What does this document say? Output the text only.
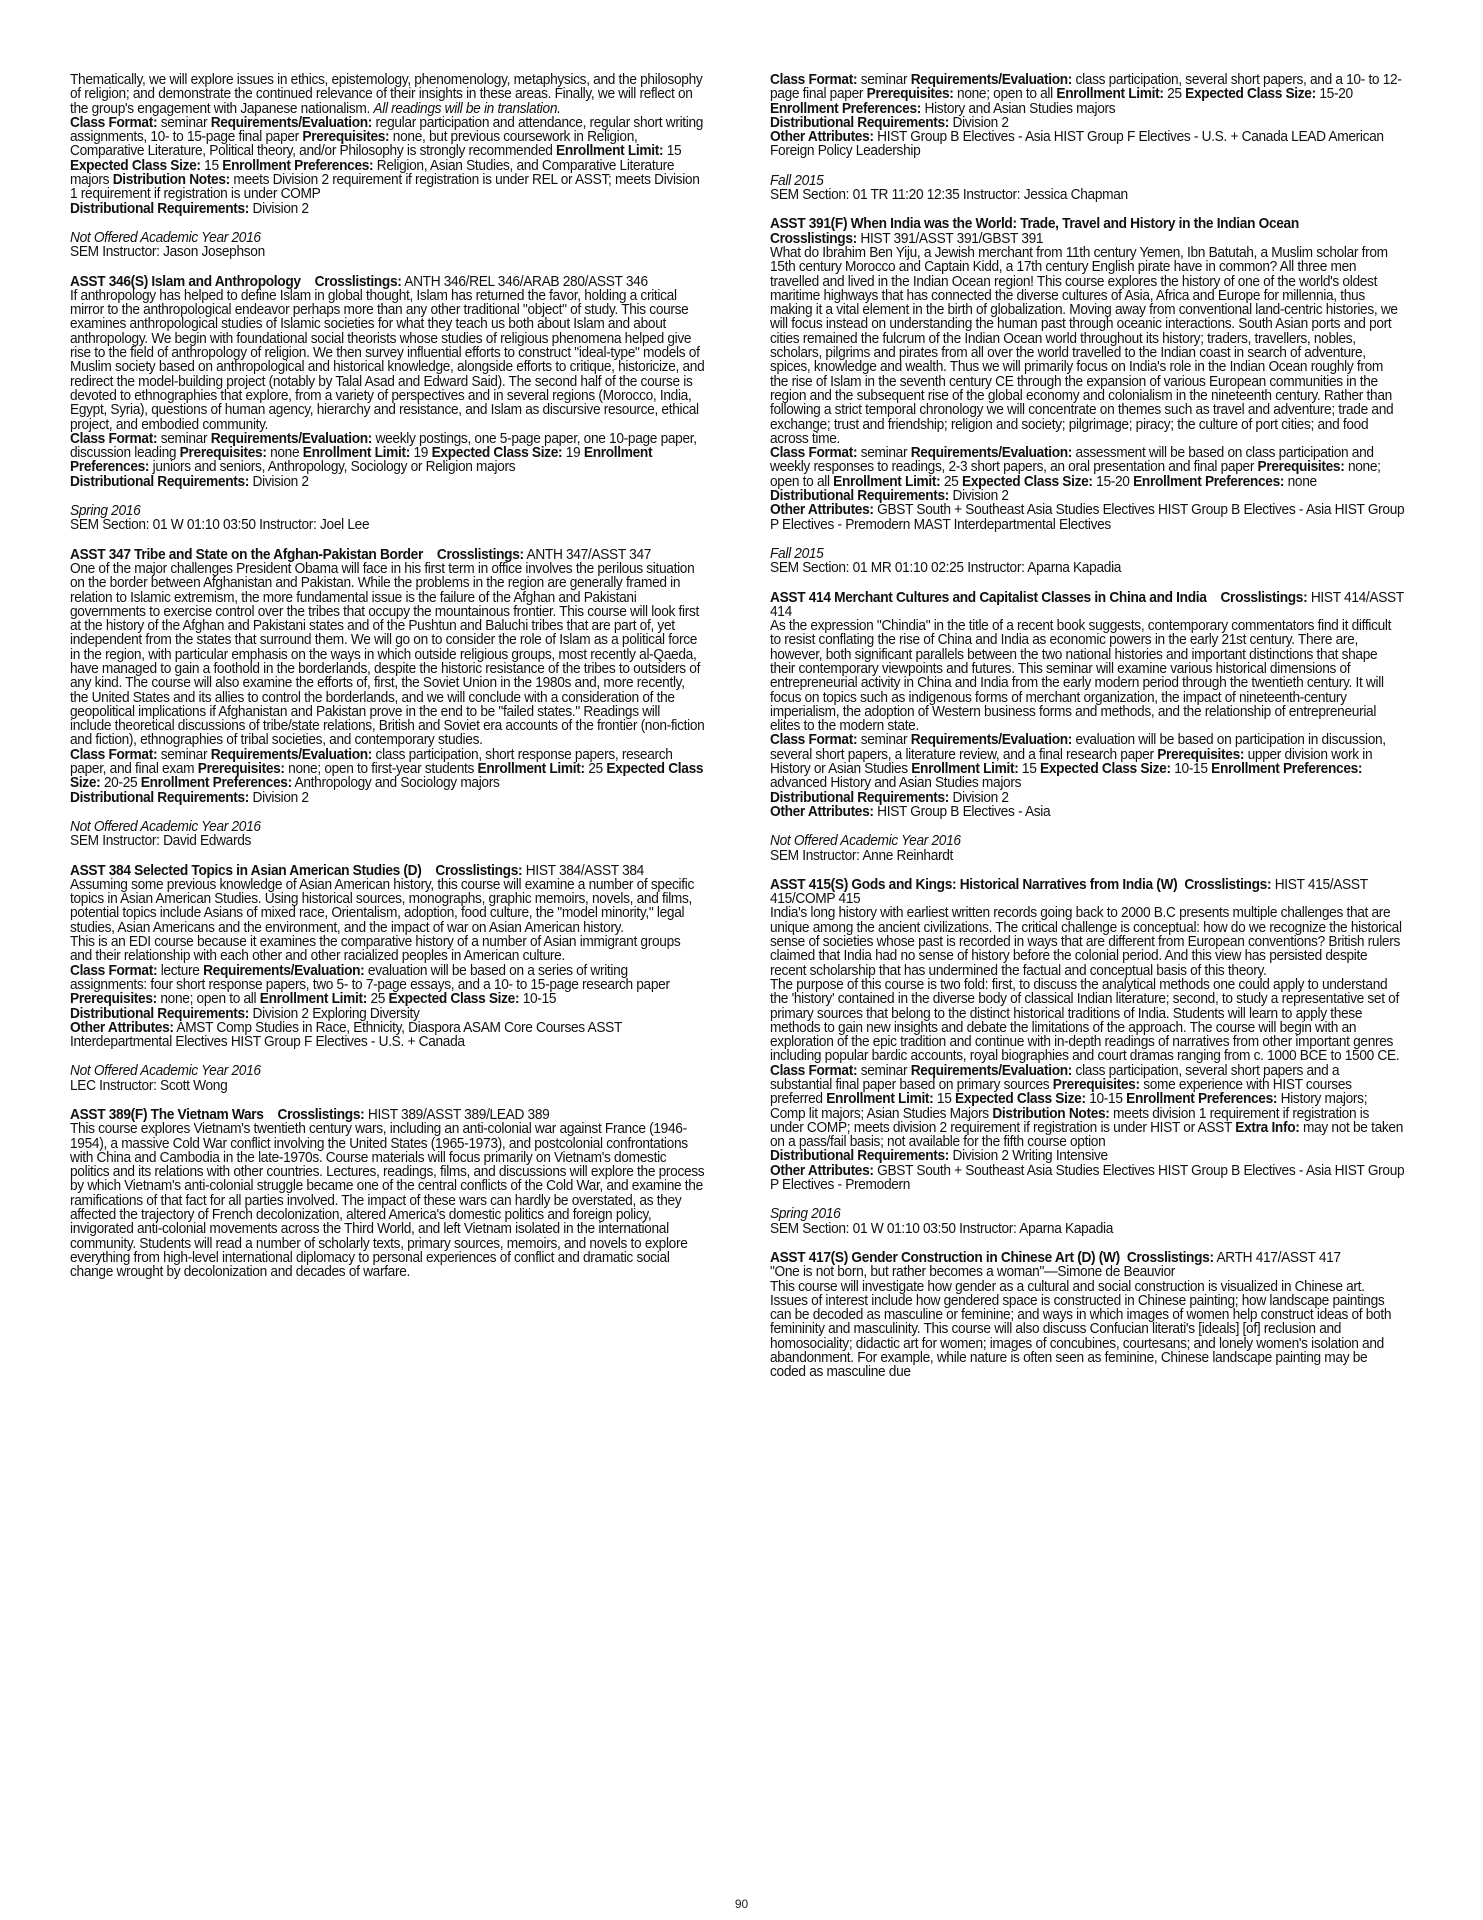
Thematically, we will explore issues in ethics, epistemology, phenomenology, metaphysics, and the philosophy of religion; and demonstrate the continued relevance of their insights in these areas. Finally, we will reflect on the group's engagement with Japanese nationalism. All readings will be in translation.

Class Format: seminar Requirements/Evaluation: regular participation and attendance, regular short writing assignments, 10- to 15-page final paper Prerequisites: none, but previous coursework in Religion, Comparative Literature, Political theory, and/or Philosophy is strongly recommended Enrollment Limit: 15 Expected Class Size: 15 Enrollment Preferences: Religion, Asian Studies, and Comparative Literature majors Distribution Notes: meets Division 2 requirement if registration is under REL or ASST; meets Division 1 requirement if registration is under COMP

Distributional Requirements: Division 2

Not Offered Academic Year 2016
SEM Instructor: Jason Josephson

ASST 346(S) Islam and Anthropology Crosslistings: ANTH 346/REL 346/ARAB 280/ASST 346

If anthropology has helped to define Islam in global thought, Islam has returned the favor, holding a critical mirror to the anthropological endeavor perhaps more than any other traditional "object" of study. This course examines anthropological studies of Islamic societies for what they teach us both about Islam and about anthropology. We begin with foundational social theorists whose studies of religious phenomena helped give rise to the field of anthropology of religion. We then survey influential efforts to construct "ideal-type" models of Muslim society based on anthropological and historical knowledge, alongside efforts to critique, historicize, and redirect the model-building project (notably by Talal Asad and Edward Said). The second half of the course is devoted to ethnographies that explore, from a variety of perspectives and in several regions (Morocco, India, Egypt, Syria), questions of human agency, hierarchy and resistance, and Islam as discursive resource, ethical project, and embodied community.

Class Format: seminar Requirements/Evaluation: weekly postings, one 5-page paper, one 10-page paper, discussion leading Prerequisites: none Enrollment Limit: 19 Expected Class Size: 19 Enrollment Preferences: juniors and seniors, Anthropology, Sociology or Religion majors

Distributional Requirements: Division 2

Spring 2016
SEM Section: 01 W 01:10 03:50 Instructor: Joel Lee

ASST 347 Tribe and State on the Afghan-Pakistan Border Crosslistings: ANTH 347/ASST 347

One of the major challenges President Obama will face in his first term in office involves the perilous situation on the border between Afghanistan and Pakistan. While the problems in the region are generally framed in relation to Islamic extremism, the more fundamental issue is the failure of the Afghan and Pakistani governments to exercise control over the tribes that occupy the mountainous frontier. This course will look first at the history of the Afghan and Pakistani states and of the Pushtun and Baluchi tribes that are part of, yet independent from the states that surround them. We will go on to consider the role of Islam as a political force in the region, with particular emphasis on the ways in which outside religious groups, most recently al-Qaeda, have managed to gain a foothold in the borderlands, despite the historic resistance of the tribes to outsiders of any kind. The course will also examine the efforts of, first, the Soviet Union in the 1980s and, more recently, the United States and its allies to control the borderlands, and we will conclude with a consideration of the geopolitical implications if Afghanistan and Pakistan prove in the end to be "failed states." Readings will include theoretical discussions of tribe/state relations, British and Soviet era accounts of the frontier (non-fiction and fiction), ethnographies of tribal societies, and contemporary studies.

Class Format: seminar Requirements/Evaluation: class participation, short response papers, research paper, and final exam Prerequisites: none; open to first-year students Enrollment Limit: 25 Expected Class Size: 20-25 Enrollment Preferences: Anthropology and Sociology majors

Distributional Requirements: Division 2

Not Offered Academic Year 2016
SEM Instructor: David Edwards

ASST 384 Selected Topics in Asian American Studies (D) Crosslistings: HIST 384/ASST 384

Assuming some previous knowledge of Asian American history, this course will examine a number of specific topics in Asian American Studies. Using historical sources, monographs, graphic memoirs, novels, and films, potential topics include Asians of mixed race, Orientalism, adoption, food culture, the "model minority," legal studies, Asian Americans and the environment, and the impact of war on Asian American history.

This is an EDI course because it examines the comparative history of a number of Asian immigrant groups and their relationship with each other and other racialized peoples in American culture.

Class Format: lecture Requirements/Evaluation: evaluation will be based on a series of writing assignments: four short response papers, two 5- to 7-page essays, and a 10- to 15-page research paper Prerequisites: none; open to all Enrollment Limit: 25 Expected Class Size: 10-15

Distributional Requirements: Division 2 Exploring Diversity

Other Attributes: AMST Comp Studies in Race, Ethnicity, Diaspora ASAM Core Courses ASST Interdepartmental Electives HIST Group F Electives - U.S. + Canada

Not Offered Academic Year 2016
LEC Instructor: Scott Wong

ASST 389(F) The Vietnam Wars Crosslistings: HIST 389/ASST 389/LEAD 389

This course explores Vietnam's twentieth century wars, including an anti-colonial war against France (1946-1954), a massive Cold War conflict involving the United States (1965-1973), and postcolonial confrontations with China and Cambodia in the late-1970s. Course materials will focus primarily on Vietnam's domestic politics and its relations with other countries. Lectures, readings, films, and discussions will explore the process by which Vietnam's anti-colonial struggle became one of the central conflicts of the Cold War, and examine the ramifications of that fact for all parties involved. The impact of these wars can hardly be overstated, as they affected the trajectory of French decolonization, altered America's domestic politics and foreign policy, invigorated anti-colonial movements across the Third World, and left Vietnam isolated in the international community. Students will read a number of scholarly texts, primary sources, memoirs, and novels to explore everything from high-level international diplomacy to personal experiences of conflict and dramatic social change wrought by decolonization and decades of warfare.

Class Format: seminar Requirements/Evaluation: class participation, several short papers, and a 10- to 12-page final paper Prerequisites: none; open to all Enrollment Limit: 25 Expected Class Size: 15-20 Enrollment Preferences: History and Asian Studies majors

Distributional Requirements: Division 2

Other Attributes: HIST Group B Electives - Asia HIST Group F Electives - U.S. + Canada LEAD American Foreign Policy Leadership

Fall 2015
SEM Section: 01 TR 11:20 12:35 Instructor: Jessica Chapman

ASST 391(F) When India was the World: Trade, Travel and History in the Indian Ocean

Crosslistings: HIST 391/ASST 391/GBST 391

What do Ibrahim Ben Yiju, a Jewish merchant from 11th century Yemen, Ibn Batutah, a Muslim scholar from 15th century Morocco and Captain Kidd, a 17th century English pirate have in common? All three men travelled and lived in the Indian Ocean region! This course explores the history of one of the world's oldest maritime highways that has connected the diverse cultures of Asia, Africa and Europe for millennia, thus making it a vital element in the birth of globalization. Moving away from conventional land-centric histories, we will focus instead on understanding the human past through oceanic interactions. South Asian ports and port cities remained the fulcrum of the Indian Ocean world throughout its history; traders, travellers, nobles, scholars, pilgrims and pirates from all over the world travelled to the Indian coast in search of adventure, spices, knowledge and wealth. Thus we will primarily focus on India's role in the Indian Ocean roughly from the rise of Islam in the seventh century CE through the expansion of various European communities in the region and the subsequent rise of the global economy and colonialism in the nineteenth century. Rather than following a strict temporal chronology we will concentrate on themes such as travel and adventure; trade and exchange; trust and friendship; religion and society; pilgrimage; piracy; the culture of port cities; and food across time.

Class Format: seminar Requirements/Evaluation: assessment will be based on class participation and weekly responses to readings, 2-3 short papers, an oral presentation and final paper Prerequisites: none; open to all Enrollment Limit: 25 Expected Class Size: 15-20 Enrollment Preferences: none

Distributional Requirements: Division 2

Other Attributes: GBST South + Southeast Asia Studies Electives HIST Group B Electives - Asia HIST Group P Electives - Premodern MAST Interdepartmental Electives

Fall 2015
SEM Section: 01 MR 01:10 02:25 Instructor: Aparna Kapadia

ASST 414 Merchant Cultures and Capitalist Classes in China and India Crosslistings: HIST 414/ASST 414

As the expression "Chindia" in the title of a recent book suggests, contemporary commentators find it difficult to resist conflating the rise of China and India as economic powers in the early 21st century. There are, however, both significant parallels between the two national histories and important distinctions that shape their contemporary viewpoints and futures. This seminar will examine various historical dimensions of entrepreneurial activity in China and India from the early modern period through the twentieth century. It will focus on topics such as indigenous forms of merchant organization, the impact of nineteenth-century imperialism, the adoption of Western business forms and methods, and the relationship of entrepreneurial elites to the modern state.

Class Format: seminar Requirements/Evaluation: evaluation will be based on participation in discussion, several short papers, a literature review, and a final research paper Prerequisites: upper division work in History or Asian Studies Enrollment Limit: 15 Expected Class Size: 10-15 Enrollment Preferences: advanced History and Asian Studies majors

Distributional Requirements: Division 2

Other Attributes: HIST Group B Electives - Asia

Not Offered Academic Year 2016
SEM Instructor: Anne Reinhardt

ASST 415(S) Gods and Kings: Historical Narratives from India (W) Crosslistings: HIST 415/ASST 415/COMP 415

India's long history with earliest written records going back to 2000 B.C presents multiple challenges that are unique among the ancient civilizations. The critical challenge is conceptual: how do we recognize the historical sense of societies whose past is recorded in ways that are different from European conventions? British rulers claimed that India had no sense of history before the colonial period. And this view has persisted despite recent scholarship that has undermined the factual and conceptual basis of this theory.

The purpose of this course is two fold: first, to discuss the analytical methods one could apply to understand the 'history' contained in the diverse body of classical Indian literature; second, to study a representative set of primary sources that belong to the distinct historical traditions of India. Students will learn to apply these methods to gain new insights and debate the limitations of the approach. The course will begin with an exploration of the epic tradition and continue with in-depth readings of narratives from other important genres including popular bardic accounts, royal biographies and court dramas ranging from c. 1000 BCE to 1500 CE.

Class Format: seminar Requirements/Evaluation: class participation, several short papers and a substantial final paper based on primary sources Prerequisites: some experience with HIST courses preferred Enrollment Limit: 15 Expected Class Size: 10-15 Enrollment Preferences: History majors; Comp lit majors; Asian Studies Majors Distribution Notes: meets division 1 requirement if registration is under COMP; meets division 2 requirement if registration is under HIST or ASST Extra Info: may not be taken on a pass/fail basis; not available for the fifth course option

Distributional Requirements: Division 2 Writing Intensive

Other Attributes: GBST South + Southeast Asia Studies Electives HIST Group B Electives - Asia HIST Group P Electives - Premodern

Spring 2016
SEM Section: 01 W 01:10 03:50 Instructor: Aparna Kapadia

ASST 417(S) Gender Construction in Chinese Art (D) (W) Crosslistings: ARTH 417/ASST 417

"One is not born, but rather becomes a woman"—Simone de Beauvior

This course will investigate how gender as a cultural and social construction is visualized in Chinese art. Issues of interest include how gendered space is constructed in Chinese painting; how landscape paintings can be decoded as masculine or feminine; and ways in which images of women help construct ideas of both femininity and masculinity. This course will also discuss Confucian literati's [ideals] [of] reclusion and homosociality; didactic art for women; images of concubines, courtesans; and lonely women's isolation and abandonment. For example, while nature is often seen as feminine, Chinese landscape painting may be coded as masculine due

90
